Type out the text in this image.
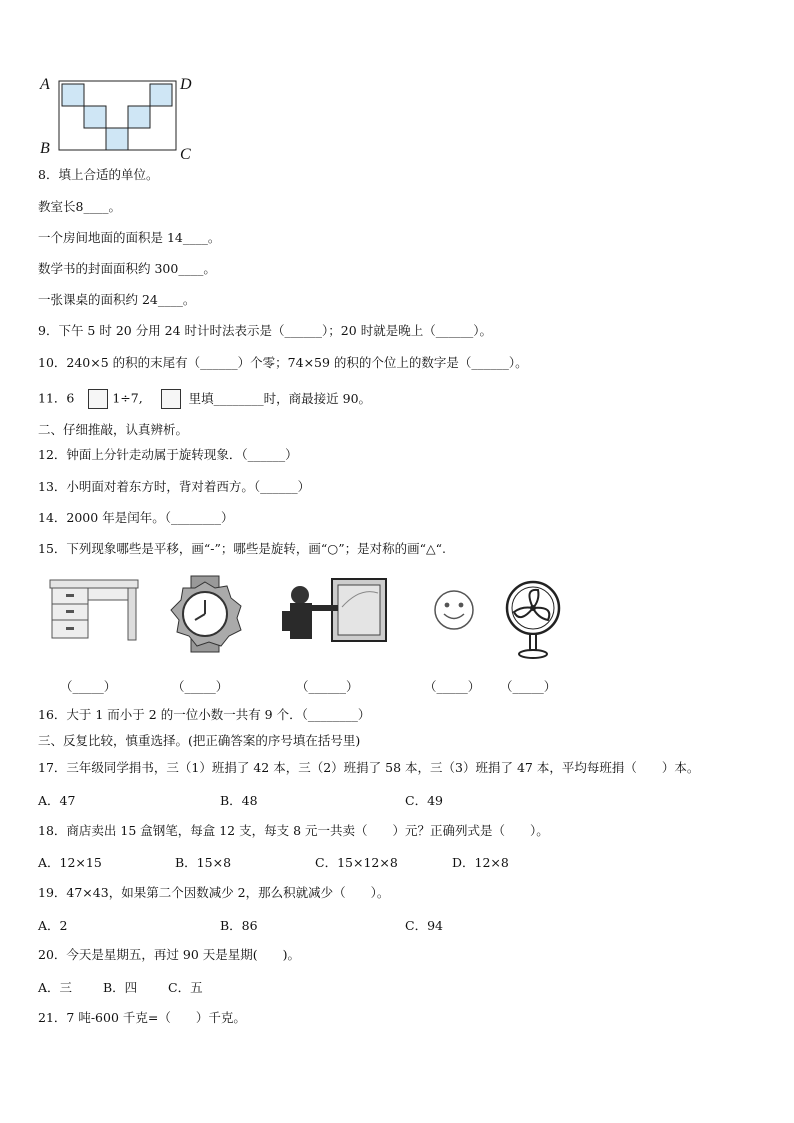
A	D
B	C
8．填上合适的单位。
教室长8____。
一个房间地面的面积是 14____。
数学书的封面面积约 300____。
一张课桌的面积约 24____。
9．下午 5 时 20 分用 24 时计时法表示是（______）；20 时就是晚上（______）。
10．240×5 的积的末尾有（______）个零；74×59 的积的个位上的数字是（______）。
11．6	1÷7,	里填________时，商最接近 90。
二、仔细推敲，认真辨析。
12．钟面上分针走动属于旋转现象．（______）
13．小明面对着东方时，背对着西方。（______）
14．2000 年是闰年。（________）
15．下列现象哪些是平移，画“-”；哪些是旋转，画“○”；是对称的画“△“.
（_____）	（_____）	（______）	（_____） （_____）
16．大于 1 而小于 2 的一位小数一共有 9 个．（________）
三、反复比较，慎重选择。(把正确答案的序号填在括号里)
17．三年级同学捐书，三（1）班捐了 42 本，三（2）班捐了 58 本，三（3）班捐了 47 本，平均每班捐（　　）本。
A．47	B．48	C．49
18．商店卖出 15 盒钢笔，每盒 12 支，每支 8 元一共卖（　　）元？正确列式是（　　）。
A．12×15	B．15×8	C．15×12×8	D．12×8
19．47×43，如果第二个因数减少 2，那么积就减少（　　）。
A．2	B．86	C．94
20．今天是星期五，再过 90 天是星期(　　)。
A．三 B．四 C．五
21．7 吨-600 千克=（　　）千克。
